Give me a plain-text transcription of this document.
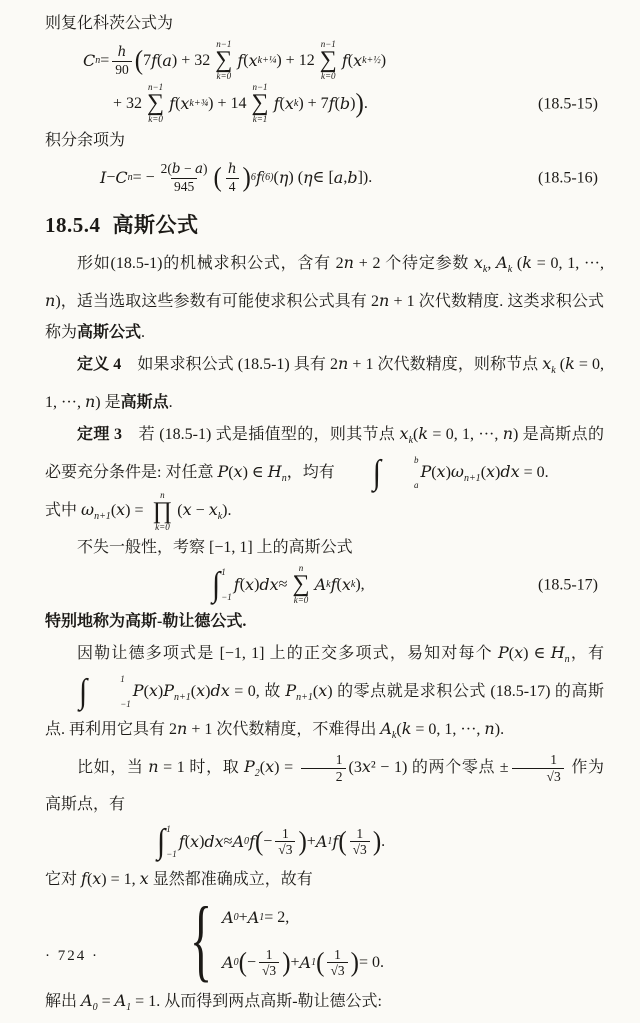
则复化科茨公式为
C $n = \frac{h}{90}$ ( 7 f ( a ) + 32
n−1
∑
k=0
f ( x k+¼ ) + 12
n−1
∑
k=0
f ( x k+½ )
+ 32
n−1
∑
k=0
f ( x k+¾ ) + 14
n−1
∑
k=1
f ( x k ) + 7 f ( b ) ) .	(18.5-15)
积分余项为
I − C n = − $\frac{2(b - a)}{945}$ ( $\frac{h}{4}$ ) 6 f (6) ( η ) ( η ∈ [ a , b ]).	(18.5-16)
18.5.4 高斯公式
形如(18.5-1)的机械求积公式，含有 2n + 2 个待定参数 $x_k$, $A_k$ (k = 0, 1, ···, n)，适当选取这些参数有可能使求积公式具有 2n + 1 次代数精度. 这类求积公式称为高斯公式.
定义 4　如果求积公式 (18.5-1) 具有 2n + 1 次代数精度，则称节点 $x_k$ (k = 0, 1, ···, n) 是高斯点.
定理 3　若 (18.5-1) 式是插值型的，则其节点 $x_k(k = 0$, 1, ···, n) 是高斯点的必要充分条件是: 对任意 P(x) ∈ $H_n$，均有	∫	b
a
$P(x)\omega_{n+1}(x)dx = 0$.
式中 $\omega_{n+1}(x)$ =
n
∏
k=0
$(x - x_k)$.
不失一般性，考察 [−1, 1] 上的高斯公式
∫ 1
−1
f ( x ) dx ≈
n
∑
k=0
A k f ( x k ),	(18.5-17)
特别地称为高斯-勒让德公式.
因勒让德多项式是 [−1, 1] 上的正交多项式，易知对每个 P(x) ∈ $H_n$，有
∫	1
−1
$P(x)P_{n+1}(x)dx = 0$, 故 $P_{n+1}(x)$ 的零点就是求积公式 (18.5-17) 的高斯点. 再利用它具有 2n + 1 次代数精度，不难得出 $A_k(k = 0$, 1, ···, n).
比如，当 n = 1 时，取 $P_2(x) = \frac{1}{2} (3x^2 - 1)$ 的两个零点 ± $\frac{1}{√3}$ 作为高斯点，有
∫ 1
−1
f ( x ) dx ≈ A 0 f ( − $\frac{1}{√3}$ ) + A 1 f ( $\frac{1}{√3}$ ) .
它对 f(x) = 1, x 显然都准确成立，故有
{ A 0 + A 1 = 2,
A 0 ( − $\frac{1}{√3}$ ) + A 1 ( $\frac{1}{√3}$ ) = 0.
解出 $A_0 = A_1 = 1$. 从而得到两点高斯-勒让德公式:
· 724 ·
